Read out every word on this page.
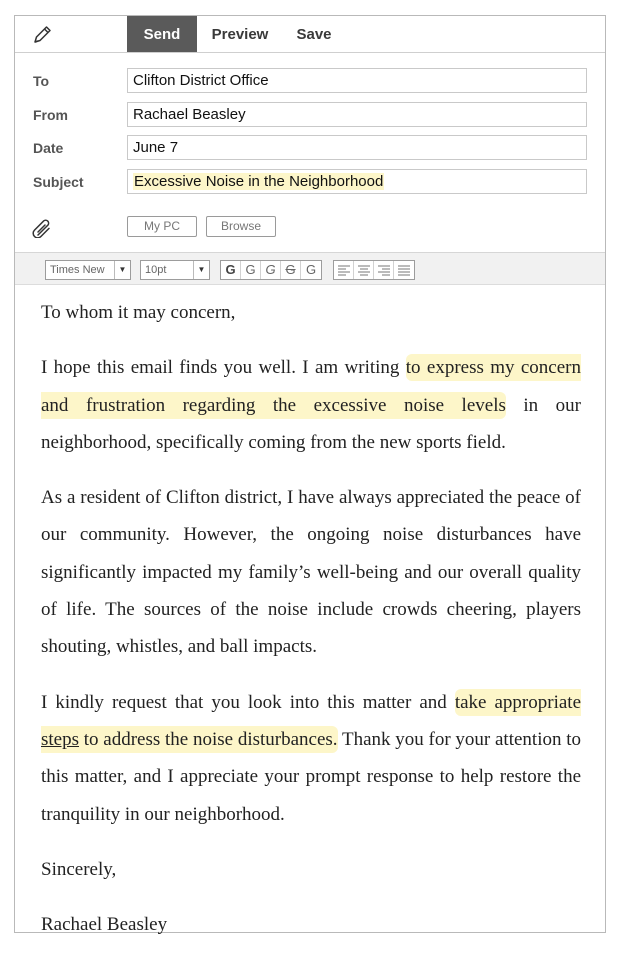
Send	Preview	Save
To	Clifton District Office
From	Rachael Beasley
Date	June 7
Subject	Excessive Noise in the Neighborhood
My PC	Browse
Times New	▼	10pt	▼	G G G G G

To whom it may concern,

I hope this email finds you well. I am writing to express my concern and frustration regarding the excessive noise levels in our neighborhood, specifically coming from the new sports field.

As a resident of Clifton district, I have always appreciated the peace of our community. However, the ongoing noise disturbances have significantly impacted my family’s well-being and our overall quality of life. The sources of the noise include crowds cheering, players shouting, whistles, and ball impacts.

I kindly request that you look into this matter and take appropriate steps to address the noise disturbances. Thank you for your attention to this matter, and I appreciate your prompt response to help restore the tranquility in our neighborhood.

Sincerely,

Rachael Beasley
